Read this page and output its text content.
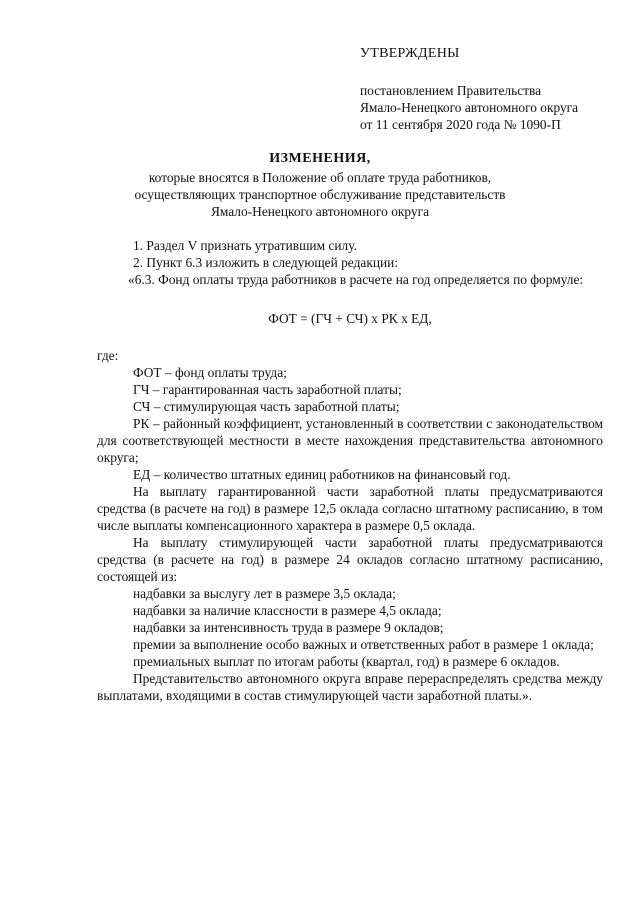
УТВЕРЖДЕНЫ
постановлением Правительства
Ямало-Ненецкого автономного округа
от 11 сентября 2020 года № 1090-П
ИЗМЕНЕНИЯ,
которые вносятся в Положение об оплате труда работников,
осуществляющих транспортное обслуживание представительств
Ямало-Ненецкого автономного округа
1. Раздел V признать утратившим силу.
2. Пункт 6.3 изложить в следующей редакции:
«6.3. Фонд оплаты труда работников в расчете на год определяется по формуле:
ФОТ = (ГЧ + СЧ) х РК х ЕД,
где:
ФОТ – фонд оплаты труда;
ГЧ – гарантированная часть заработной платы;
СЧ – стимулирующая часть заработной платы;
РК – районный коэффициент, установленный в соответствии с законодательством для соответствующей местности в месте нахождения представительства автономного округа;
ЕД – количество штатных единиц работников на финансовый год.
На выплату гарантированной части заработной платы предусматриваются средства (в расчете на год) в размере 12,5 оклада согласно штатному расписанию, в том числе выплаты компенсационного характера в размере 0,5 оклада.
На выплату стимулирующей части заработной платы предусматриваются средства (в расчете на год) в размере 24 окладов согласно штатному расписанию, состоящей из:
надбавки за выслугу лет в размере 3,5 оклада;
надбавки за наличие классности в размере 4,5 оклада;
надбавки за интенсивность труда в размере 9 окладов;
премии за выполнение особо важных и ответственных работ в размере 1 оклада;
премиальных выплат по итогам работы (квартал, год) в размере 6 окладов.
Представительство автономного округа вправе перераспределять средства между выплатами, входящими в состав стимулирующей части заработной платы.».
